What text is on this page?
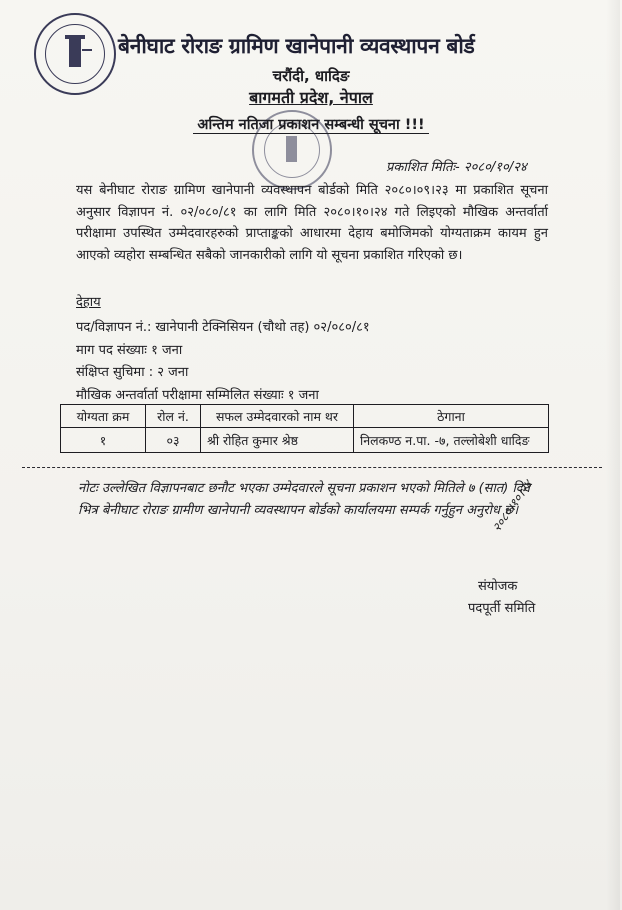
बेनीघाट रोराङ ग्रामिण खानेपानी व्यवस्थापन बोर्ड
चरौंदी, धादिङ
बागमती प्रदेश, नेपाल
अन्तिम नतिजा प्रकाशन सम्बन्धी सूचना !!!
प्रकाशित मितिः- २०८०/१०/२४
यस बेनीघाट रोराङ ग्रामिण खानेपानी व्यवस्थापन बोर्डको मिति २०८०।०९।२३ मा प्रकाशित सूचना अनुसार विज्ञापन नं. ०२/०८०/८१ का लागि मिति २०८०।१०।२४ गते लिइएको मौखिक अन्तर्वार्ता परीक्षामा उपस्थित उम्मेदवारहरुको प्राप्ताङ्कको आधारमा देहाय बमोजिमको योग्यताक्रम कायम हुन आएको व्यहोरा सम्बन्धित सबैको जानकारीको लागि यो सूचना प्रकाशित गरिएको छ।
देहाय
पद/विज्ञापन नं.: खानेपानी टेक्निसियन (चौथो तह) ०२/०८०/८१
माग पद संख्याः १ जना
संक्षिप्त सुचिमा : २ जना
मौखिक अन्तर्वार्ता परीक्षामा सम्मिलित संख्याः १ जना
योग्यता क्रम	रोल नं.	सफल उम्मेदवारको नाम थर	ठेगाना
१	०३	श्री रोहित कुमार श्रेष्ठ	निलकण्ठ न.पा. -७, तल्लोबेशी धादिङ
नोटः उल्लेखित विज्ञापनबाट छनौट भएका उम्मेदवारले सूचना प्रकाशन भएको मितिले ७ (सात) दिन भित्र बेनीघाट रोराङ ग्रामीण खानेपानी व्यवस्थापन बोर्डको कार्यालयमा सम्पर्क गर्नुहुन अनुरोध छ।
२०८०।१०।२४
संयोजक
पदपूर्ती समिति
